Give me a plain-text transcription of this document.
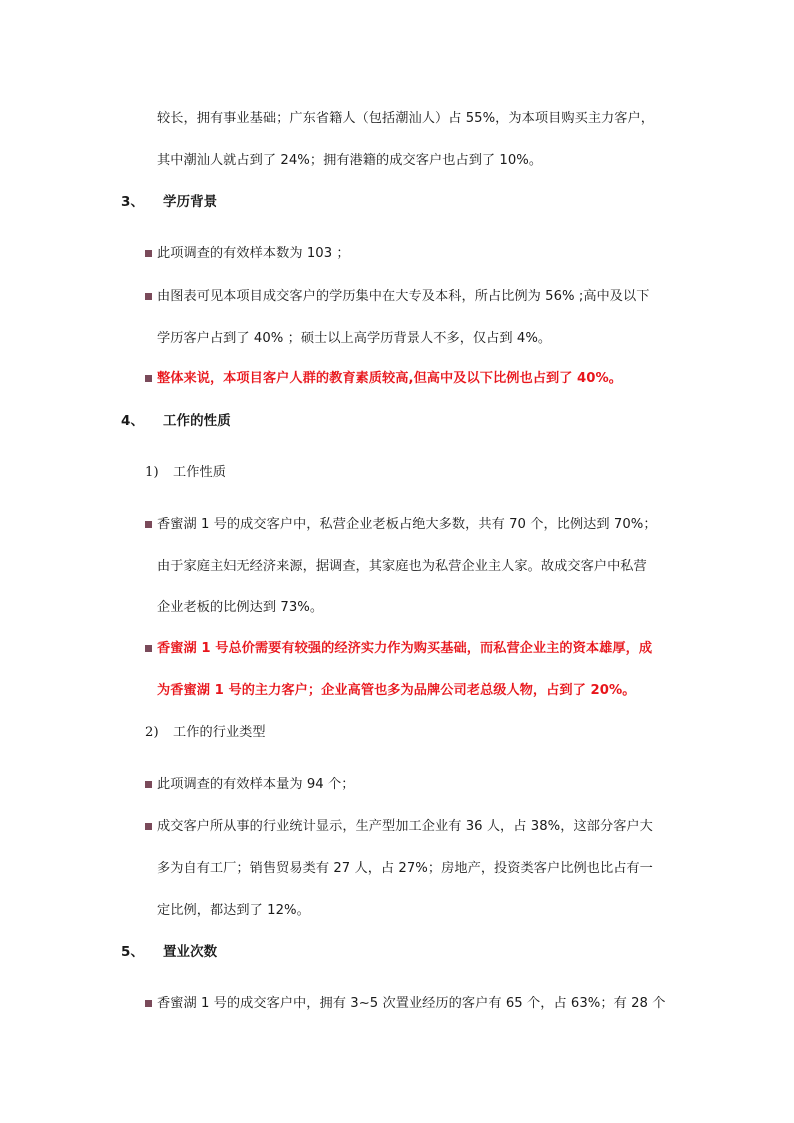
较长，拥有事业基础；广东省籍人（包括潮汕人）占 55%，为本项目购买主力客户，
其中潮汕人就占到了 24%；拥有港籍的成交客户也占到了 10%。
3、 学历背景
此项调查的有效样本数为 103 ；
由图表可见本项目成交客户的学历集中在大专及本科，所占比例为 56% ;高中及以下
学历客户占到了 40% ；硕士以上高学历背景人不多，仅占到 4%。
整体来说，本项目客户人群的教育素质较高,但高中及以下比例也占到了 40%。
4、 工作的性质
1) 工作性质
香蜜湖 1 号的成交客户中，私营企业老板占绝大多数，共有 70 个，比例达到 70%；
由于家庭主妇无经济来源，据调查，其家庭也为私营企业主人家。故成交客户中私营
企业老板的比例达到 73%。
香蜜湖 1 号总价需要有较强的经济实力作为购买基础，而私营企业主的资本雄厚，成
为香蜜湖 1 号的主力客户；企业高管也多为品牌公司老总级人物，占到了 20%。
2) 工作的行业类型
此项调查的有效样本量为 94 个；
成交客户所从事的行业统计显示，生产型加工企业有 36 人，占 38%，这部分客户大
多为自有工厂；销售贸易类有 27 人，占 27%；房地产，投资类客户比例也比占有一
定比例，都达到了 12%。
5、 置业次数
香蜜湖 1 号的成交客户中，拥有 3~5 次置业经历的客户有 65 个，占 63%；有 28 个
